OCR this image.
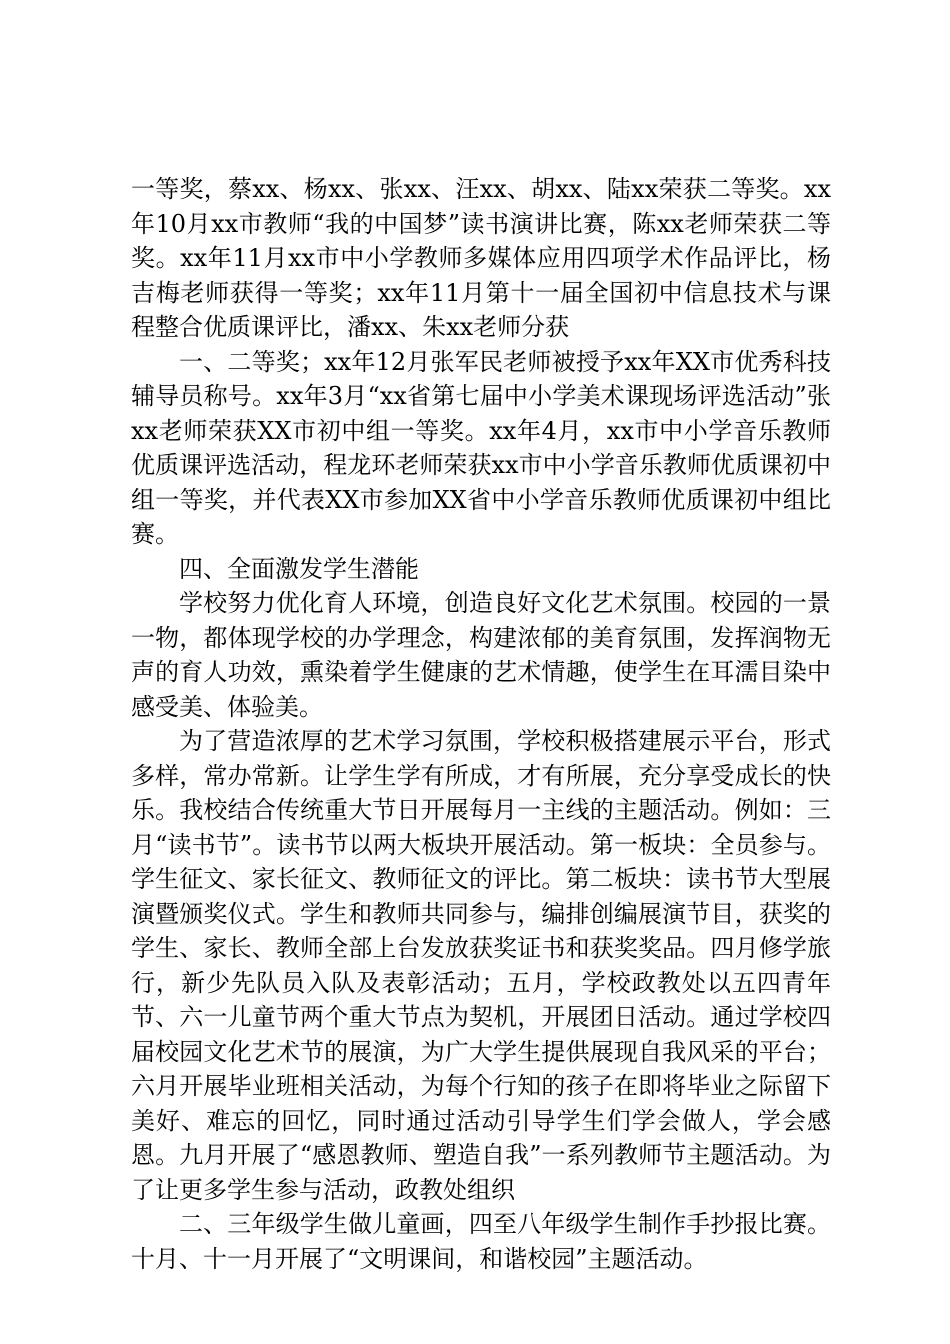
一等奖，蔡xx、杨xx、张xx、汪xx、胡xx、陆xx荣获二等奖。xx年10月xx市教师“我的中国梦”读书演讲比赛，陈xx老师荣获二等奖。xx年11月xx市中小学教师多媒体应用四项学术作品评比，杨吉梅老师获得一等奖；xx年11月第十一届全国初中信息技术与课程整合优质课评比，潘xx、朱xx老师分获

一、二等奖；xx年12月张军民老师被授予xx年XX市优秀科技辅导员称号。xx年3月“xx省第七届中小学美术课现场评选活动”张xx老师荣获XX市初中组一等奖。xx年4月，xx市中小学音乐教师优质课评选活动，程龙环老师荣获xx市中小学音乐教师优质课初中组一等奖，并代表XX市参加XX省中小学音乐教师优质课初中组比赛。

四、全面激发学生潜能

学校努力优化育人环境，创造良好文化艺术氛围。校园的一景一物，都体现学校的办学理念，构建浓郁的美育氛围，发挥润物无声的育人功效，熏染着学生健康的艺术情趣，使学生在耳濡目染中感受美、体验美。

为了营造浓厚的艺术学习氛围，学校积极搭建展示平台，形式多样，常办常新。让学生学有所成，才有所展，充分享受成长的快乐。我校结合传统重大节日开展每月一主线的主题活动。例如：三月“读书节”。读书节以两大板块开展活动。第一板块：全员参与。学生征文、家长征文、教师征文的评比。第二板块：读书节大型展演暨颁奖仪式。学生和教师共同参与，编排创编展演节目，获奖的学生、家长、教师全部上台发放获奖证书和获奖奖品。四月修学旅行，新少先队员入队及表彰活动；五月，学校政教处以五四青年节、六一儿童节两个重大节点为契机，开展团日活动。通过学校四届校园文化艺术节的展演，为广大学生提供展现自我风采的平台；六月开展毕业班相关活动，为每个行知的孩子在即将毕业之际留下美好、难忘的回忆，同时通过活动引导学生们学会做人，学会感恩。九月开展了“感恩教师、塑造自我”一系列教师节主题活动。为了让更多学生参与活动，政教处组织

二、三年级学生做儿童画，四至八年级学生制作手抄报比赛。十月、十一月开展了“文明课间，和谐校园”主题活动。
